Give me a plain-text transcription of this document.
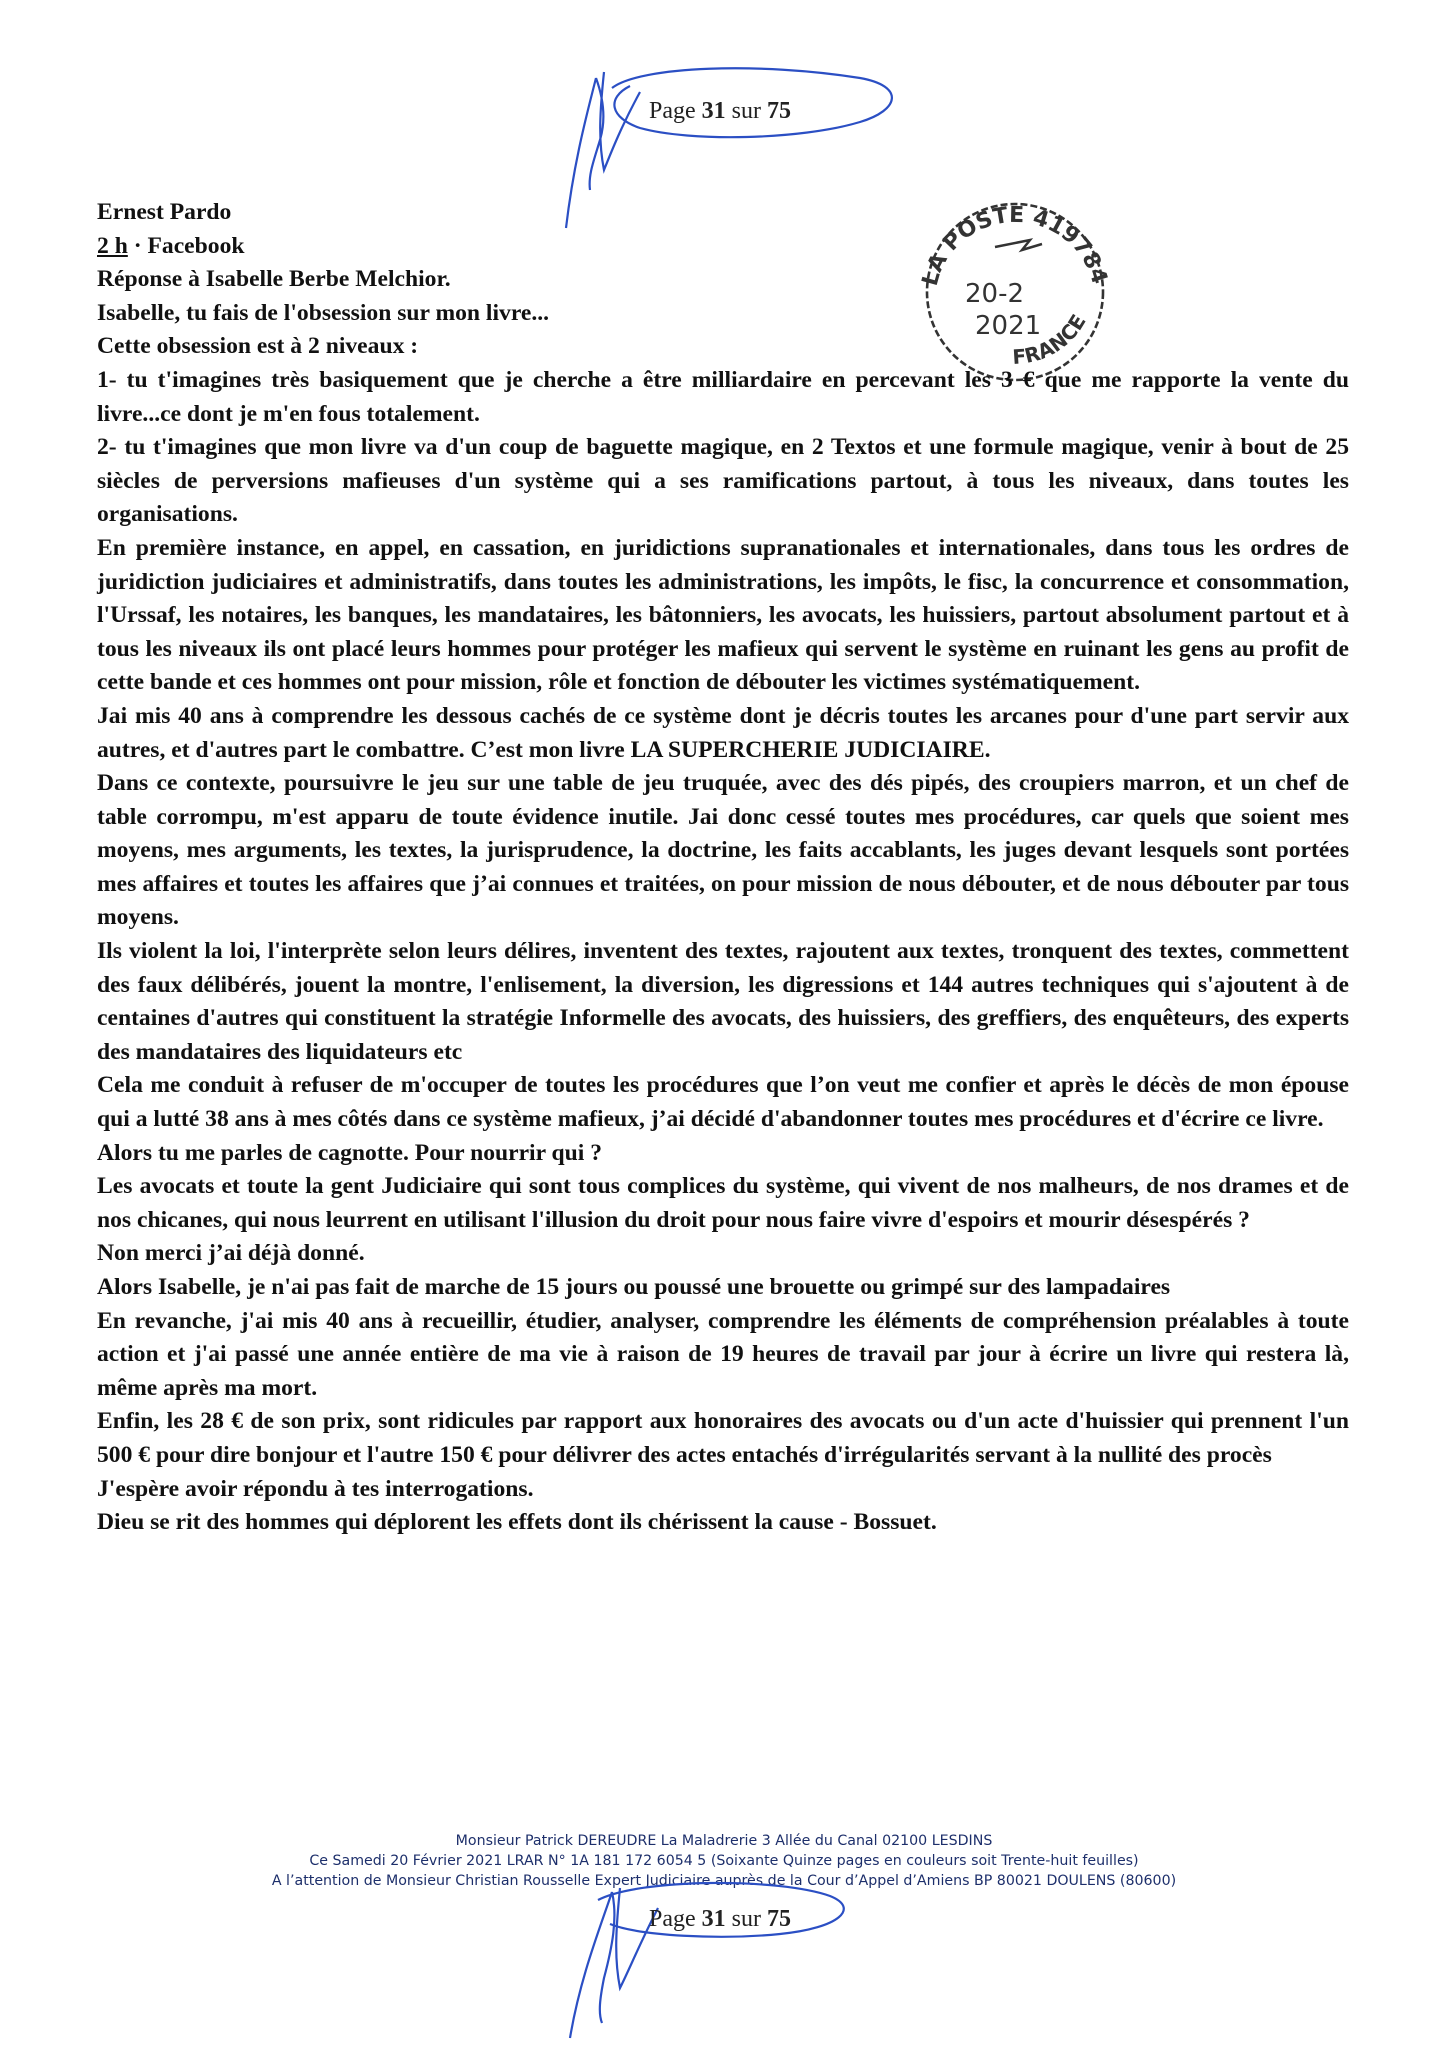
Page 31 sur 75
LA POSTE 419784
FRANCE
20-2
2021
Ernest Pardo
2 h · Facebook
Réponse à Isabelle Berbe Melchior.
Isabelle, tu fais de l'obsession sur mon livre...
Cette obsession est à 2 niveaux :

1- tu t'imagines très basiquement que je cherche a être milliardaire en percevant les 3 € que me rapporte la vente du livre...ce dont je m'en fous totalement.

2- tu t'imagines que mon livre va d'un coup de baguette magique, en 2 Textos et une formule magique, venir à bout de 25 siècles de perversions mafieuses d'un système qui a ses ramifications partout, à tous les niveaux, dans toutes les organisations.

En première instance, en appel, en cassation, en juridictions supranationales et internationales, dans tous les ordres de juridiction judiciaires et administratifs, dans toutes les administrations, les impôts, le fisc, la concurrence et consommation, l'Urssaf, les notaires, les banques, les mandataires, les bâtonniers, les avocats, les huissiers, partout absolument partout et à tous les niveaux ils ont placé leurs hommes pour protéger les mafieux qui servent le système en ruinant les gens au profit de cette bande et ces hommes ont pour mission, rôle et fonction de débouter les victimes systématiquement.

Jai mis 40 ans à comprendre les dessous cachés de ce système dont je décris toutes les arcanes pour d'une part servir aux autres, et d'autres part le combattre. C’est mon livre LA SUPERCHERIE JUDICIAIRE.

Dans ce contexte, poursuivre le jeu sur une table de jeu truquée, avec des dés pipés, des croupiers marron, et un chef de table corrompu, m'est apparu de toute évidence inutile. Jai donc cessé toutes mes procédures, car quels que soient mes moyens, mes arguments, les textes, la jurisprudence, la doctrine, les faits accablants, les juges devant lesquels sont portées mes affaires et toutes les affaires que j’ai connues et traitées, on pour mission de nous débouter, et de nous débouter par tous moyens.

Ils violent la loi, l'interprète selon leurs délires, inventent des textes, rajoutent aux textes, tronquent des textes, commettent des faux délibérés, jouent la montre, l'enlisement, la diversion, les digressions et 144 autres techniques qui s'ajoutent à de centaines d'autres qui constituent la stratégie Informelle des avocats, des huissiers, des greffiers, des enquêteurs, des experts des mandataires des liquidateurs etc

Cela me conduit à refuser de m'occuper de toutes les procédures que l’on veut me confier et après le décès de mon épouse qui a lutté 38 ans à mes côtés dans ce système mafieux, j’ai décidé d'abandonner toutes mes procédures et d'écrire ce livre.

Alors tu me parles de cagnotte. Pour nourrir qui ?

Les avocats et toute la gent Judiciaire qui sont tous complices du système, qui vivent de nos malheurs, de nos drames et de nos chicanes, qui nous leurrent en utilisant l'illusion du droit pour nous faire vivre d'espoirs et mourir désespérés ?

Non merci j’ai déjà donné.

Alors Isabelle, je n'ai pas fait de marche de 15 jours ou poussé une brouette ou grimpé sur des lampadaires

En revanche, j'ai mis 40 ans à recueillir, étudier, analyser, comprendre les éléments de compréhension préalables à toute action et j'ai passé une année entière de ma vie à raison de 19 heures de travail par jour à écrire un livre qui restera là, même après ma mort.

Enfin, les 28 € de son prix, sont ridicules par rapport aux honoraires des avocats ou d'un acte d'huissier qui prennent l'un 500 € pour dire bonjour et l'autre 150 € pour délivrer des actes entachés d'irrégularités servant à la nullité des procès

J'espère avoir répondu à tes interrogations.
Dieu se rit des hommes qui déplorent les effets dont ils chérissent la cause - Bossuet.
Monsieur Patrick DEREUDRE La Maladrerie 3 Allée du Canal 02100 LESDINS
Ce Samedi 20 Février 2021 LRAR N° 1A 181 172 6054 5 (Soixante Quinze pages en couleurs soit Trente-huit feuilles)
A l’attention de Monsieur Christian Rousselle Expert Judiciaire auprès de la Cour d’Appel d’Amiens BP 80021 DOULENS (80600)
Page 31 sur 75
